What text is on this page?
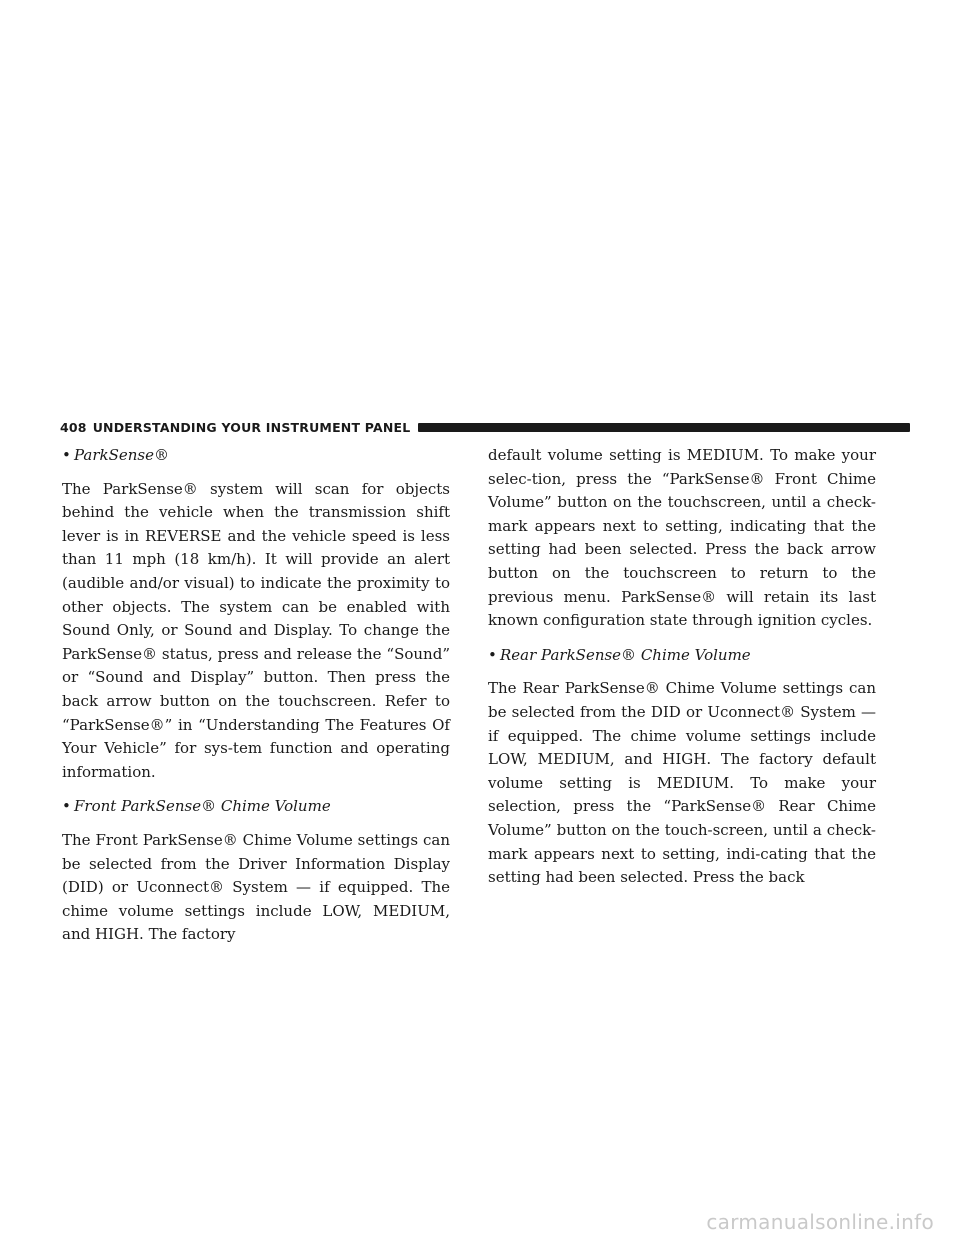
408 UNDERSTANDING YOUR INSTRUMENT PANEL

• ParkSense®

The ParkSense® system will scan for objects behind the vehicle when the transmission shift lever is in REVERSE and the vehicle speed is less than 11 mph (18 km/h). It will provide an alert (audible and/or visual) to indicate the proximity to other objects. The system can be enabled with Sound Only, or Sound and Display. To change the ParkSense® status, press and release the “Sound” or “Sound and Display” button. Then press the back arrow button on the touchscreen. Refer to “ParkSense®” in “Understanding The Features Of Your Vehicle” for sys-tem function and operating information.

• Front ParkSense® Chime Volume

The Front ParkSense® Chime Volume settings can be selected from the Driver Information Display (DID) or Uconnect® System — if equipped. The chime volume settings include LOW, MEDIUM, and HIGH. The factory

default volume setting is MEDIUM. To make your selec-tion, press the “ParkSense® Front Chime Volume” button on the touchscreen, until a check-mark appears next to setting, indicating that the setting had been selected. Press the back arrow button on the touchscreen to return to the previous menu. ParkSense® will retain its last known configuration state through ignition cycles.

• Rear ParkSense® Chime Volume

The Rear ParkSense® Chime Volume settings can be selected from the DID or Uconnect® System — if equipped. The chime volume settings include LOW, MEDIUM, and HIGH. The factory default volume setting is MEDIUM. To make your selection, press the “ParkSense® Rear Chime Volume” button on the touch-screen, until a check-mark appears next to setting, indi-cating that the setting had been selected. Press the back

carmanualsonline.info
